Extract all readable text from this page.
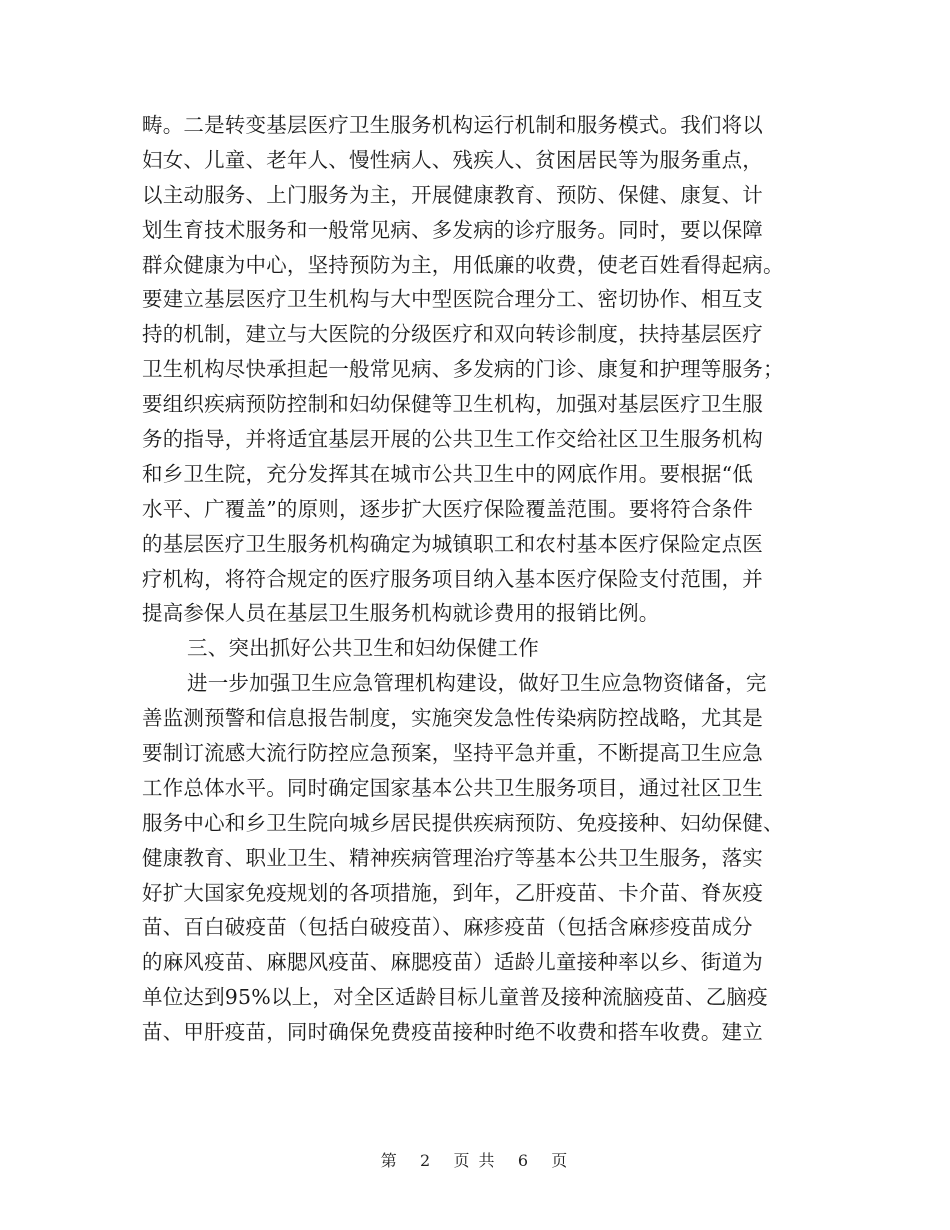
畴。二是转变基层医疗卫生服务机构运行机制和服务模式。我们将以
妇女、儿童、老年人、慢性病人、残疾人、贫困居民等为服务重点，
以主动服务、上门服务为主，开展健康教育、预防、保健、康复、计
划生育技术服务和一般常见病、多发病的诊疗服务。同时，要以保障
群众健康为中心，坚持预防为主，用低廉的收费，使老百姓看得起病。
要建立基层医疗卫生机构与大中型医院合理分工、密切协作、相互支
持的机制，建立与大医院的分级医疗和双向转诊制度，扶持基层医疗
卫生机构尽快承担起一般常见病、多发病的门诊、康复和护理等服务；
要组织疾病预防控制和妇幼保健等卫生机构，加强对基层医疗卫生服
务的指导，并将适宜基层开展的公共卫生工作交给社区卫生服务机构
和乡卫生院，充分发挥其在城市公共卫生中的网底作用。要根据“低
水平、广覆盖”的原则，逐步扩大医疗保险覆盖范围。要将符合条件
的基层医疗卫生服务机构确定为城镇职工和农村基本医疗保险定点医
疗机构，将符合规定的医疗服务项目纳入基本医疗保险支付范围，并
提高参保人员在基层卫生服务机构就诊费用的报销比例。
三、突出抓好公共卫生和妇幼保健工作
进一步加强卫生应急管理机构建设，做好卫生应急物资储备，完
善监测预警和信息报告制度，实施突发急性传染病防控战略，尤其是
要制订流感大流行防控应急预案，坚持平急并重，不断提高卫生应急
工作总体水平。同时确定国家基本公共卫生服务项目，通过社区卫生
服务中心和乡卫生院向城乡居民提供疾病预防、免疫接种、妇幼保健、
健康教育、职业卫生、精神疾病管理治疗等基本公共卫生服务，落实
好扩大国家免疫规划的各项措施，到年，乙肝疫苗、卡介苗、脊灰疫
苗、百白破疫苗（包括白破疫苗）、麻疹疫苗（包括含麻疹疫苗成分
的麻风疫苗、麻腮风疫苗、麻腮疫苗）适龄儿童接种率以乡、街道为
单位达到95%以上，对全区适龄目标儿童普及接种流脑疫苗、乙脑疫
苗、甲肝疫苗，同时确保免费疫苗接种时绝不收费和搭车收费。建立
第 2 页 共 6 页
